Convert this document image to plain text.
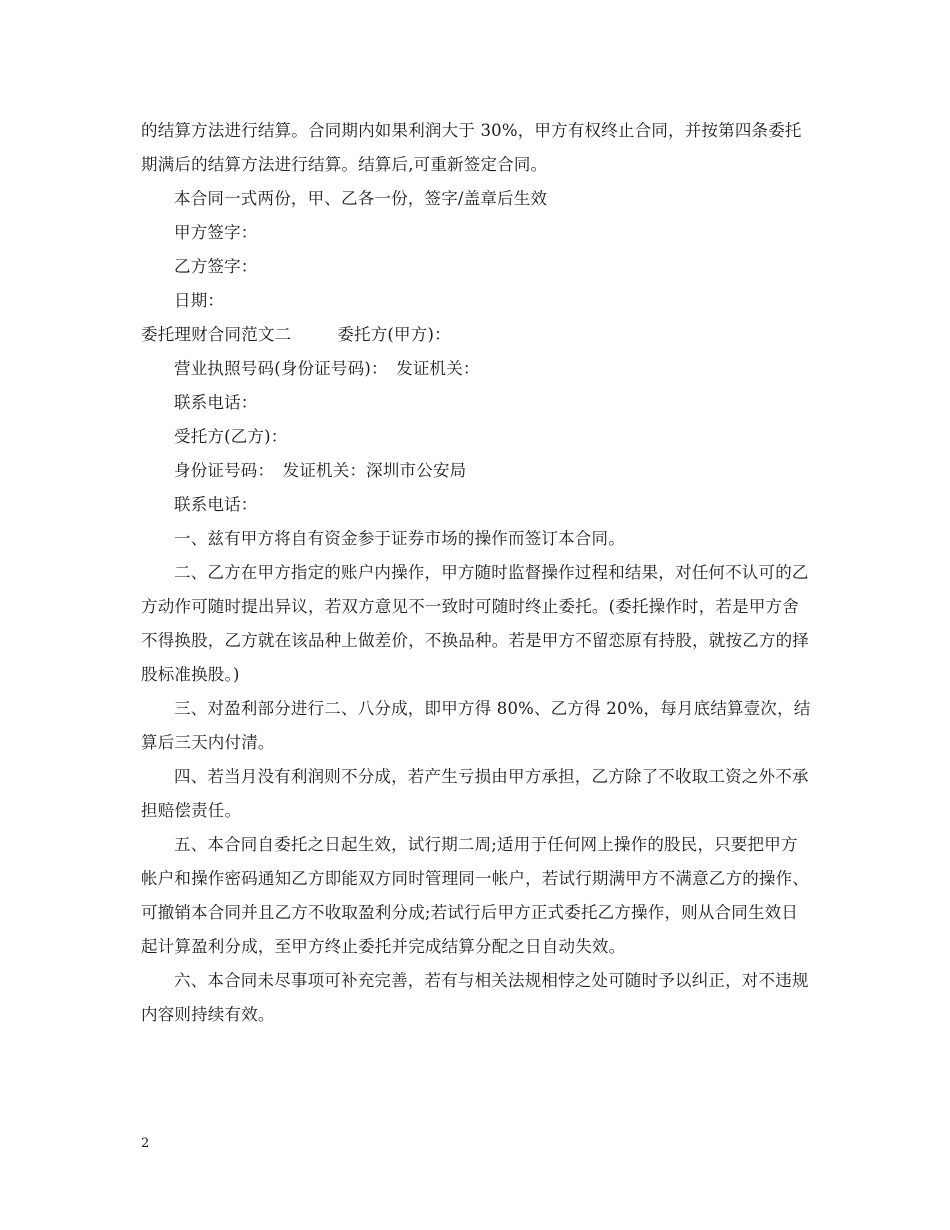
的结算方法进行结算。合同期内如果利润大于 30%，甲方有权终止合同，并按第四条委托期满后的结算方法进行结算。结算后,可重新签定合同。

本合同一式两份，甲、乙各一份，签字/盖章后生效

甲方签字：

乙方签字：

日期：

委托理财合同范文二	委托方(甲方)：

营业执照号码(身份证号码)：　发证机关：

联系电话：

受托方(乙方)：

身份证号码：　发证机关：深圳市公安局

联系电话：

一、兹有甲方将自有资金参于证券市场的操作而签订本合同。

二、乙方在甲方指定的账户内操作，甲方随时监督操作过程和结果，对任何不认可的乙方动作可随时提出异议，若双方意见不一致时可随时终止委托。(委托操作时，若是甲方舍不得换股，乙方就在该品种上做差价，不换品种。若是甲方不留恋原有持股，就按乙方的择股标准换股。)

三、对盈利部分进行二、八分成，即甲方得 80%、乙方得 20%，每月底结算壹次，结算后三天内付清。

四、若当月没有利润则不分成，若产生亏损由甲方承担，乙方除了不收取工资之外不承担赔偿责任。

五、本合同自委托之日起生效，试行期二周;适用于任何网上操作的股民，只要把甲方帐户和操作密码通知乙方即能双方同时管理同一帐户，若试行期满甲方不满意乙方的操作、可撤销本合同并且乙方不收取盈利分成;若试行后甲方正式委托乙方操作，则从合同生效日起计算盈利分成，至甲方终止委托并完成结算分配之日自动失效。

六、本合同未尽事项可补充完善，若有与相关法规相悖之处可随时予以纠正，对不违规内容则持续有效。

2
